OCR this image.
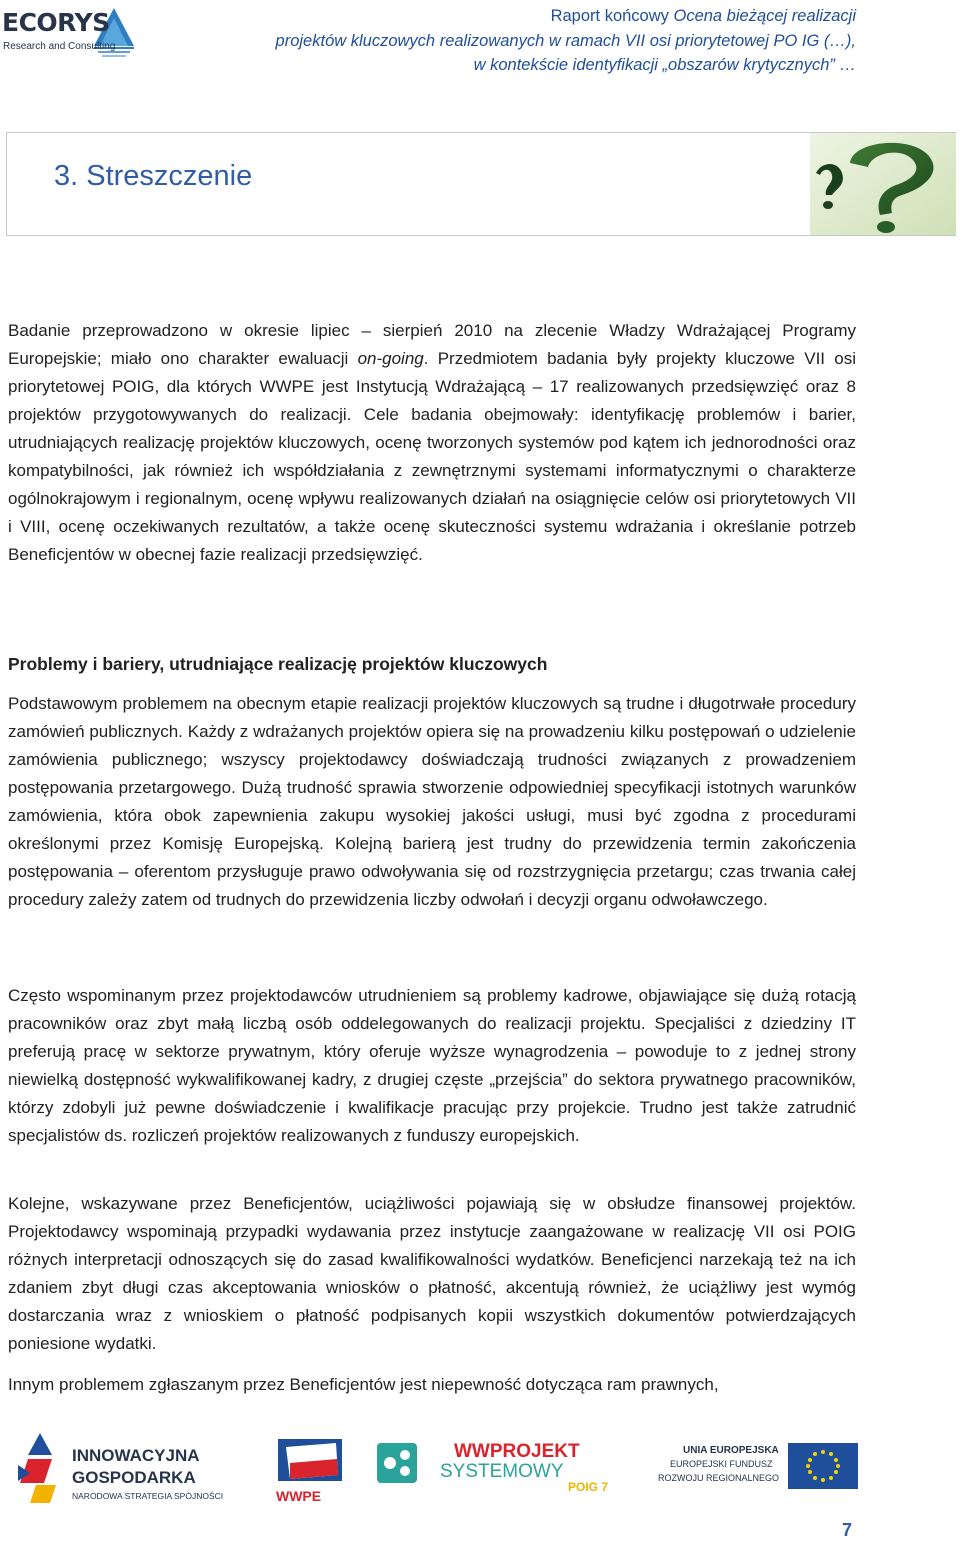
ECORYS
Research and Consulting
Raport końcowy Ocena bieżącej realizacji
projektów kluczowych realizowanych w ramach VII osi priorytetowej PO IG (…),
w kontekście identyfikacji „obszarów krytycznych” …
3. Streszczenie
Badanie przeprowadzono w okresie lipiec – sierpień 2010 na zlecenie Władzy Wdrażającej Programy Europejskie; miało ono charakter ewaluacji on-going. Przedmiotem badania były projekty kluczowe VII osi priorytetowej POIG, dla których WWPE jest Instytucją Wdrażającą – 17 realizowanych przedsięwzięć oraz 8 projektów przygotowywanych do realizacji. Cele badania obejmowały: identyfikację problemów i barier, utrudniających realizację projektów kluczowych, ocenę tworzonych systemów pod kątem ich jednorodności oraz kompatybilności, jak również ich współdziałania z zewnętrznymi systemami informatycznymi o charakterze ogólnokrajowym i regionalnym, ocenę wpływu realizowanych działań na osiągnięcie celów osi priorytetowych VII i VIII, ocenę oczekiwanych rezultatów, a także ocenę skuteczności systemu wdrażania i określanie potrzeb Beneficjentów w obecnej fazie realizacji przedsięwzięć.
Problemy i bariery, utrudniające realizację projektów kluczowych
Podstawowym problemem na obecnym etapie realizacji projektów kluczowych są trudne i długotrwałe procedury zamówień publicznych. Każdy z wdrażanych projektów opiera się na prowadzeniu kilku postępowań o udzielenie zamówienia publicznego; wszyscy projektodawcy doświadczają trudności związanych z prowadzeniem postępowania przetargowego. Dużą trudność sprawia stworzenie odpowiedniej specyfikacji istotnych warunków zamówienia, która obok zapewnienia zakupu wysokiej jakości usługi, musi być zgodna z procedurami określonymi przez Komisję Europejską. Kolejną barierą jest trudny do przewidzenia termin zakończenia postępowania – oferentom przysługuje prawo odwoływania się od rozstrzygnięcia przetargu; czas trwania całej procedury zależy zatem od trudnych do przewidzenia liczby odwołań i decyzji organu odwoławczego.
Często wspominanym przez projektodawców utrudnieniem są problemy kadrowe, objawiające się dużą rotacją pracowników oraz zbyt małą liczbą osób oddelegowanych do realizacji projektu. Specjaliści z dziedziny IT preferują pracę w sektorze prywatnym, który oferuje wyższe wynagrodzenia – powoduje to z jednej strony niewielką dostępność wykwalifikowanej kadry, z drugiej częste „przejścia” do sektora prywatnego pracowników, którzy zdobyli już pewne doświadczenie i kwalifikacje pracując przy projekcie. Trudno jest także zatrudnić specjalistów ds. rozliczeń projektów realizowanych z funduszy europejskich.
Kolejne, wskazywane przez Beneficjentów, uciążliwości pojawiają się w obsłudze finansowej projektów. Projektodawcy wspominają przypadki wydawania przez instytucje zaangażowane w realizację VII osi POIG różnych interpretacji odnoszących się do zasad kwalifikowalności wydatków. Beneficjenci narzekają też na ich zdaniem zbyt długi czas akceptowania wniosków o płatność, akcentują również, że uciążliwy jest wymóg dostarczania wraz z wnioskiem o płatność podpisanych kopii wszystkich dokumentów potwierdzających poniesione wydatki.
Innym problemem zgłaszanym przez Beneficjentów jest niepewność dotycząca ram prawnych,
INNOWACYJNA
GOSPODARKA
NARODOWA STRATEGIA SPÓJNOŚCI	WWPE
WWPROJEKT
SYSTEMOWY
POIG 7
UNIA EUROPEJSKA
EUROPEJSKI FUNDUSZ
ROZWOJU REGIONALNEGO
7
